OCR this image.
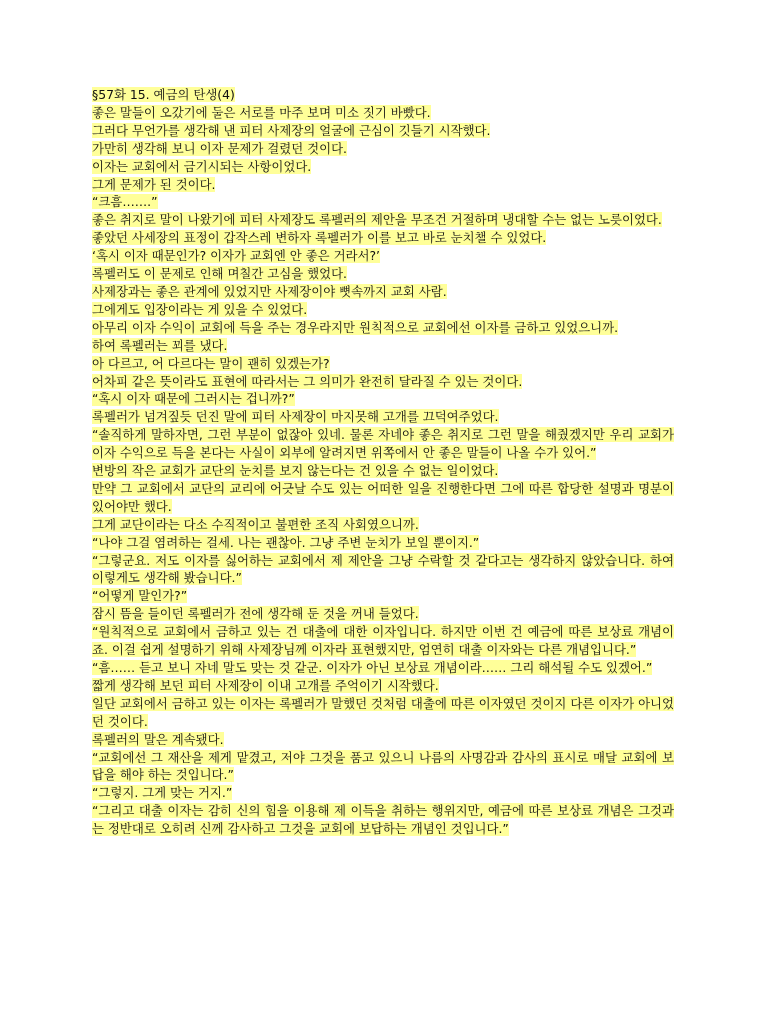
§57화 15. 예금의 탄생(4)

좋은 말들이 오갔기에 둘은 서로를 마주 보며 미소 짓기 바빴다.

그러다 무언가를 생각해 낸 피터 사제장의 얼굴에 근심이 깃들기 시작했다.

가만히 생각해 보니 이자 문제가 걸렸던 것이다.

이자는 교회에서 금기시되는 사항이었다.

그게 문제가 된 것이다.

“크흠…….”

좋은 취지로 말이 나왔기에 피터 사제장도 록펠러의 제안을 무조건 거절하며 냉대할 수는 없는 노릇이었다.

좋았던 사세장의 표정이 갑작스레 변하자 록펠러가 이를 보고 바로 눈치챌 수 있었다.

‘혹시 이자 때문인가? 이자가 교회엔 안 좋은 거라서?’

록펠러도 이 문제로 인해 며칠간 고심을 했었다.

사제장과는 좋은 관계에 있었지만 사제장이야 뼛속까지 교회 사람.

그에게도 입장이라는 게 있을 수 있었다.

아무리 이자 수익이 교회에 득을 주는 경우라지만 원칙적으로 교회에선 이자를 금하고 있었으니까.

하여 록펠러는 꾀를 냈다.

아 다르고, 어 다르다는 말이 괜히 있겠는가?

어차피 같은 뜻이라도 표현에 따라서는 그 의미가 완전히 달라질 수 있는 것이다.

“혹시 이자 때문에 그러시는 겁니까?”

록펠러가 넘겨짚듯 던진 말에 피터 사제장이 마지못해 고개를 끄덕여주었다.

“솔직하게 말하자면, 그런 부분이 없잖아 있네. 물론 자네야 좋은 취지로 그런 말을 해줬겠지만 우리 교회가 이자 수익으로 득을 본다는 사실이 외부에 알려지면 위쪽에서 안 좋은 말들이 나올 수가 있어.”

변방의 작은 교회가 교단의 눈치를 보지 않는다는 건 있을 수 없는 일이었다.

만약 그 교회에서 교단의 교리에 어긋날 수도 있는 어떠한 일을 진행한다면 그에 따른 합당한 설명과 명분이 있어야만 했다.

그게 교단이라는 다소 수직적이고 불편한 조직 사회였으니까.

“나야 그걸 염려하는 걸세. 나는 괜찮아. 그냥 주변 눈치가 보일 뿐이지.”

“그렇군요. 저도 이자를 싫어하는 교회에서 제 제안을 그냥 수락할 것 같다고는 생각하지 않았습니다. 하여 이렇게도 생각해 봤습니다.”

“어떻게 말인가?”

잠시 뜸을 들이던 록펠러가 전에 생각해 둔 것을 꺼내 들었다.

“원칙적으로 교회에서 금하고 있는 건 대출에 대한 이자입니다. 하지만 이번 건 예금에 따른 보상료 개념이죠. 이걸 쉽게 설명하기 위해 사제장님께 이자라 표현했지만, 엄연히 대출 이자와는 다른 개념입니다.”

“흠…… 듣고 보니 자네 말도 맞는 것 같군. 이자가 아닌 보상료 개념이라…… 그리 해석될 수도 있겠어.”

짧게 생각해 보던 피터 사제장이 이내 고개를 주억이기 시작했다.

일단 교회에서 금하고 있는 이자는 록펠러가 말했던 것처럼 대출에 따른 이자였던 것이지 다른 이자가 아니었던 것이다.

록펠러의 말은 계속됐다.

“교회에선 그 재산을 제게 맡겼고, 저야 그것을 품고 있으니 나름의 사명감과 감사의 표시로 매달 교회에 보답을 해야 하는 것입니다.”

“그렇지. 그게 맞는 거지.”

“그리고 대출 이자는 감히 신의 힘을 이용해 제 이득을 취하는 행위지만, 예금에 따른 보상료 개념은 그것과는 정반대로 오히려 신께 감사하고 그것을 교회에 보답하는 개념인 것입니다.”
